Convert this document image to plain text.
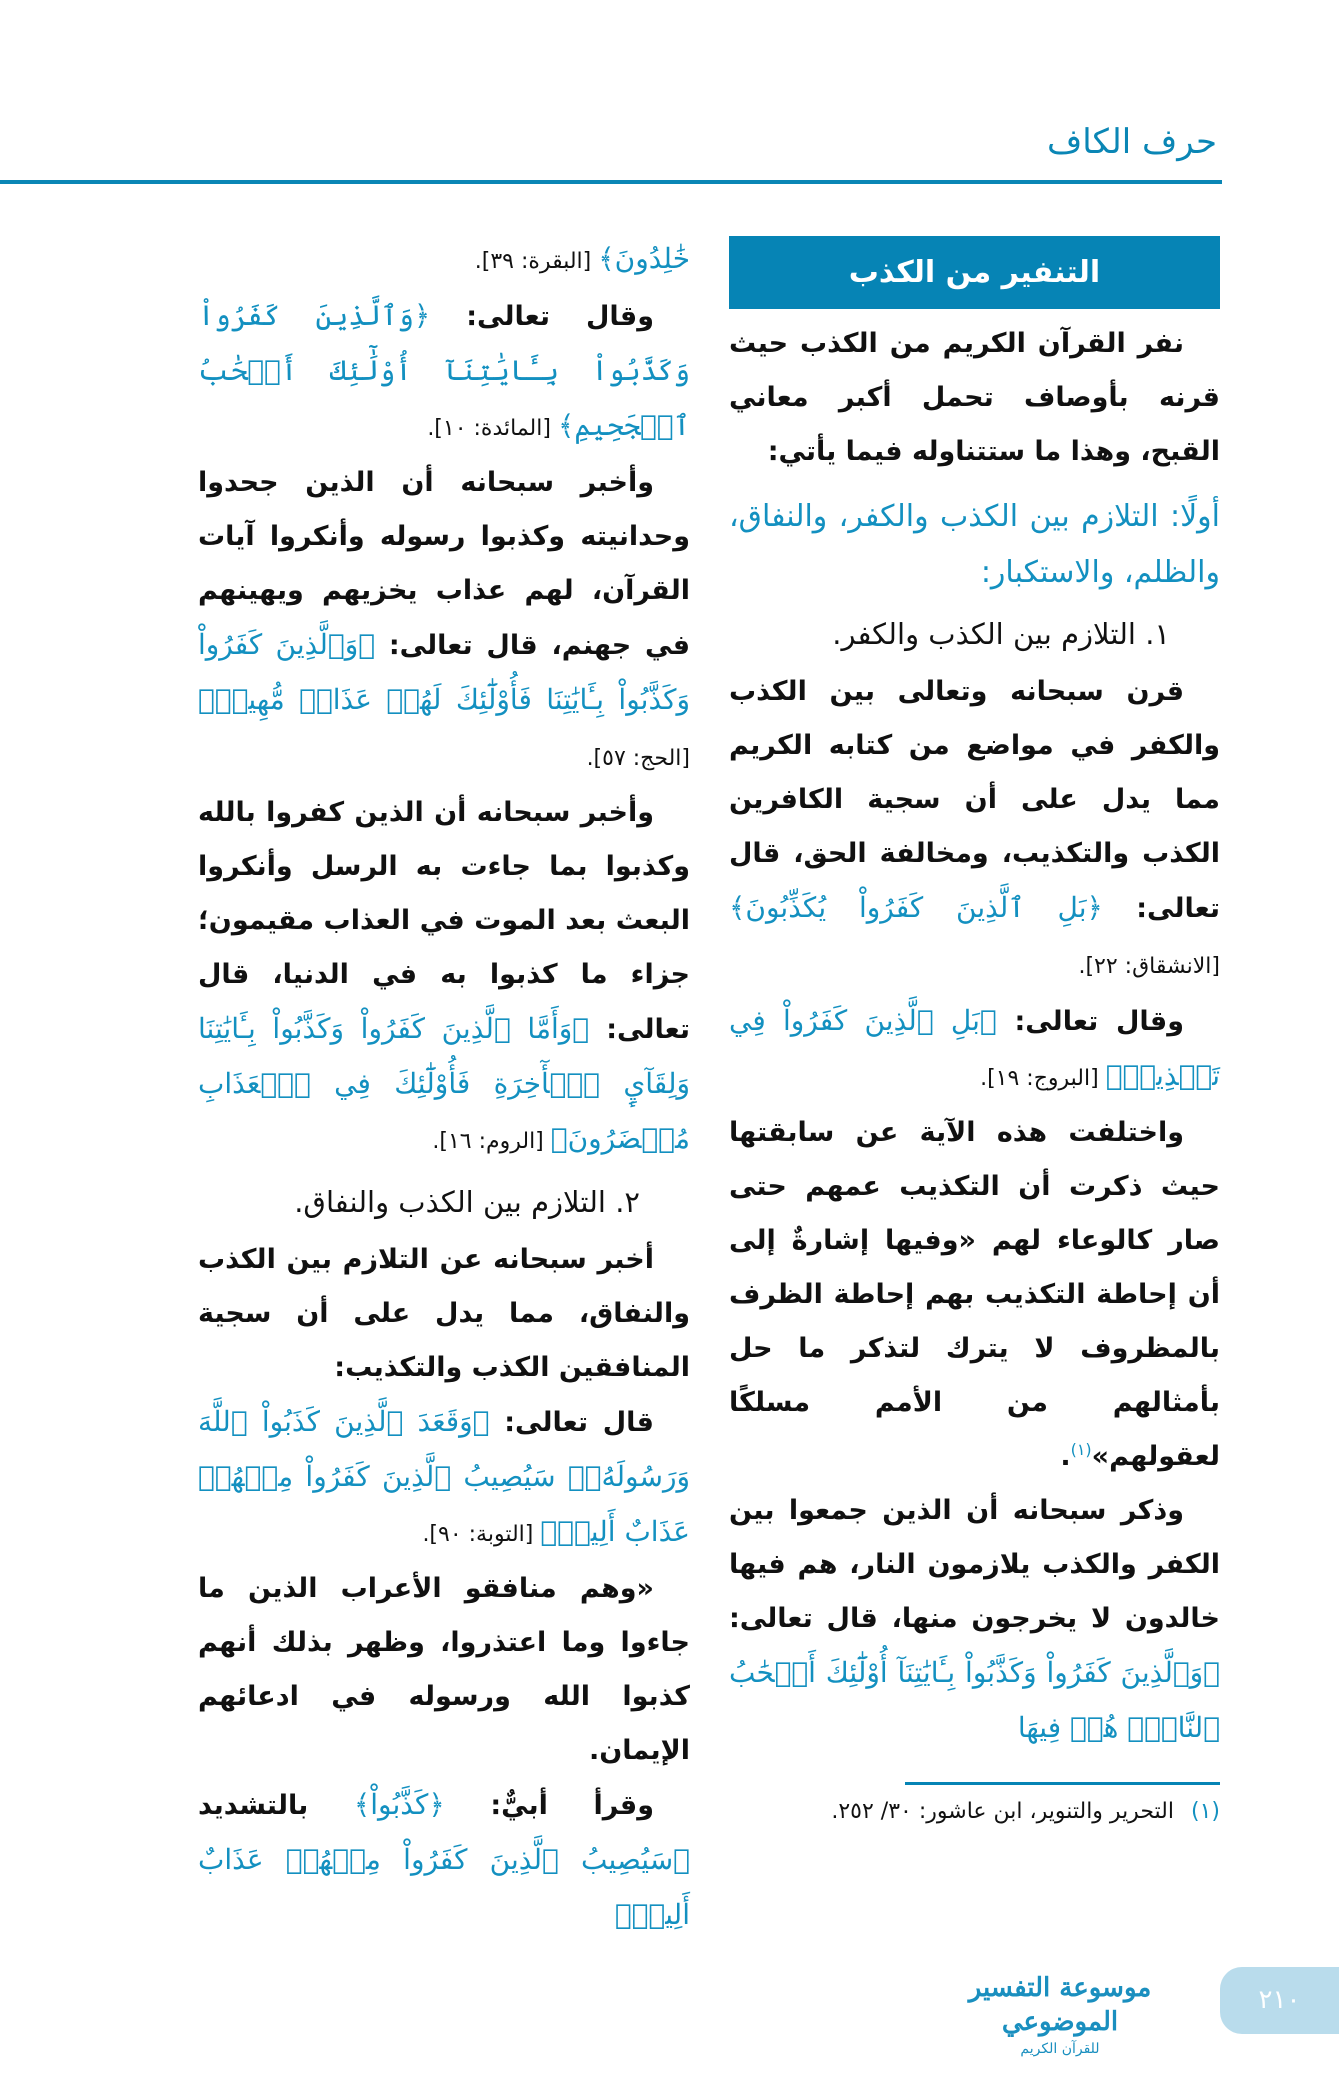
حرف الكاف
خَٰلِدُونَ﴾ [البقرة: ٣٩].
وقال تعالى: ﴿وَٱلَّذِينَ كَفَرُواْ وَكَذَّبُواْ بِـَٔايَٰتِنَآ أُوْلَٰٓئِكَ أَصۡحَٰبُ ٱلۡجَحِيمِ﴾ [المائدة: ١٠].
وأخبر سبحانه أن الذين جحدوا وحدانيته وكذبوا رسوله وأنكروا آيات القرآن، لهم عذاب يخزيهم ويهينهم في جهنم، قال تعالى: ﴿وَٱلَّذِينَ كَفَرُواْ وَكَذَّبُواْ بِـَٔايَٰتِنَا فَأُوْلَٰٓئِكَ لَهُمۡ عَذَابٞ مُّهِينٞ﴾ [الحج: ٥٧].
وأخبر سبحانه أن الذين كفروا بالله وكذبوا بما جاءت به الرسل وأنكروا البعث بعد الموت في العذاب مقيمون؛ جزاء ما كذبوا به في الدنيا، قال تعالى: ﴿وَأَمَّا ٱلَّذِينَ كَفَرُواْ وَكَذَّبُواْ بِـَٔايَٰتِنَا وَلِقَآيِٕ ٱلۡأٓخِرَةِ فَأُوْلَٰٓئِكَ فِي ٱلۡعَذَابِ مُحۡضَرُونَ﴾ [الروم: ١٦].
٢. التلازم بين الكذب والنفاق.
أخبر سبحانه عن التلازم بين الكذب والنفاق، مما يدل على أن سجية المنافقين الكذب والتكذيب:
قال تعالى: ﴿وَقَعَدَ ٱلَّذِينَ كَذَبُواْ ٱللَّهَ وَرَسُولَهُۥۚ سَيُصِيبُ ٱلَّذِينَ كَفَرُواْ مِنۡهُمۡ عَذَابٌ أَلِيمٞ﴾ [التوبة: ٩٠].
«وهم منافقو الأعراب الذين ما جاءوا وما اعتذروا، وظهر بذلك أنهم كذبوا الله ورسوله في ادعائهم الإيمان.
وقرأ أبيٌّ: ﴿كَذَّبُواْ﴾ بالتشديد ﴿سَيُصِيبُ ٱلَّذِينَ كَفَرُواْ مِنۡهُمۡ عَذَابٌ أَلِيمٞ﴾
التنفير من الكذب
نفر القرآن الكريم من الكذب حيث قرنه بأوصاف تحمل أكبر معاني القبح، وهذا ما ستتناوله فيما يأتي:
أولًا: التلازم بين الكذب والكفر، والنفاق، والظلم، والاستكبار:
١. التلازم بين الكذب والكفر.
قرن سبحانه وتعالى بين الكذب والكفر في مواضع من كتابه الكريم مما يدل على أن سجية الكافرين الكذب والتكذيب، ومخالفة الحق، قال تعالى: ﴿بَلِ ٱلَّذِينَ كَفَرُواْ يُكَذِّبُونَ﴾ [الانشقاق: ٢٢].
وقال تعالى: ﴿بَلِ ٱلَّذِينَ كَفَرُواْ فِي تَكۡذِيبٖ﴾ [البروج: ١٩].
واختلفت هذه الآية عن سابقتها حيث ذكرت أن التكذيب عمهم حتى صار كالوعاء لهم «وفيها إشارةٌ إلى أن إحاطة التكذيب بهم إحاطة الظرف بالمظروف لا يترك لتذكر ما حل بأمثالهم من الأمم مسلكًا لعقولهم»$^{(١)}$.
وذكر سبحانه أن الذين جمعوا بين الكفر والكذب يلازمون النار، هم فيها خالدون لا يخرجون منها، قال تعالى: ﴿وَٱلَّذِينَ كَفَرُواْ وَكَذَّبُواْ بِـَٔايَٰتِنَآ أُوْلَٰٓئِكَ أَصۡحَٰبُ ٱلنَّارِۖ هُمۡ فِيهَا
(١) التحرير والتنوير، ابن عاشور: ٣٠/ ٢٥٢.
موسوعة التفسير الموضوعي
للقرآن الكريم
٢١٠
